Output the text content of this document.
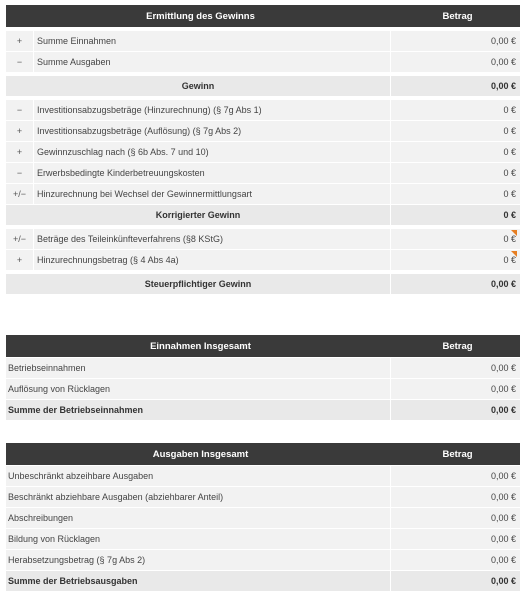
Ermittlung des Gewinns	Betrag
+	Summe Einnahmen	0,00 €
−	Summe Ausgaben	0,00 €
Gewinn	0,00 €
−	Investitionsabzugsbeträge (Hinzurechnung) (§ 7g Abs 1)	0 €
+	Investitionsabzugsbeträge (Auflösung) (§ 7g Abs 2)	0 €
+	Gewinnzuschlag nach (§ 6b Abs. 7 und 10)	0 €
−	Erwerbsbedingte Kinderbetreuungskosten	0 €
+/−	Hinzurechnung bei Wechsel der Gewinnermittlungsart	0 €
Korrigierter Gewinn	0 €
+/−	Beträge des Teileinkünfteverfahrens (§8 KStG)	0 €
+	Hinzurechnungsbetrag (§ 4 Abs 4a)	0 €
Steuerpflichtiger Gewinn	0,00 €
Einnahmen Insgesamt	Betrag
Betriebseinnahmen	0,00 €
Auflösung von Rücklagen	0,00 €
Summe der Betriebseinnahmen	0,00 €
Ausgaben Insgesamt	Betrag
Unbeschränkt abzeihbare Ausgaben	0,00 €
Beschränkt abziehbare Ausgaben (abziehbarer Anteil)	0,00 €
Abschreibungen	0,00 €
Bildung von Rücklagen	0,00 €
Herabsetzungsbetrag (§ 7g Abs 2)	0,00 €
Summe der Betriebsausgaben	0,00 €
